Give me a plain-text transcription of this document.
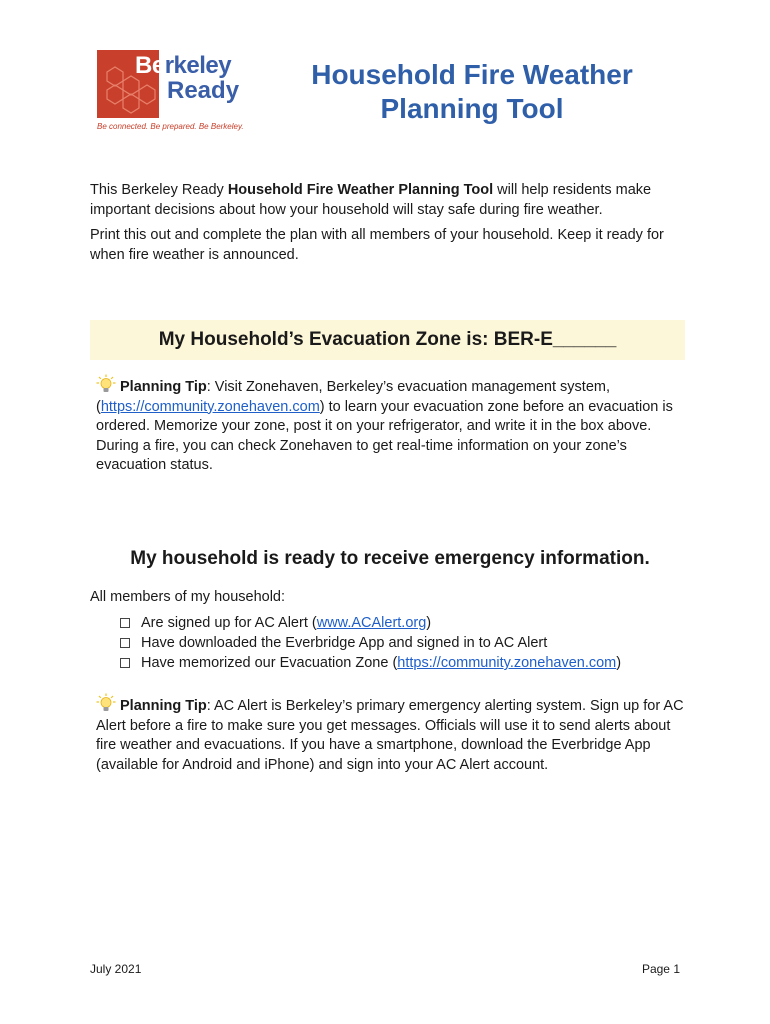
Berkeley
Ready
City of Berkeley
Be connected. Be prepared. Be Berkeley.
Household Fire Weather Planning Tool
This Berkeley Ready Household Fire Weather Planning Tool will help residents make important decisions about how your household will stay safe during fire weather.
Print this out and complete the plan with all members of your household. Keep it ready for when fire weather is announced.
My Household’s Evacuation Zone is: BER-E______
Planning Tip: Visit Zonehaven, Berkeley’s evacuation management system, (https://community.zonehaven.com) to learn your evacuation zone before an evacuation is ordered. Memorize your zone, post it on your refrigerator, and write it in the box above. During a fire, you can check Zonehaven to get real-time information on your zone’s evacuation status.
My household is ready to receive emergency information.
All members of my household:
Are signed up for AC Alert ( www.ACAlert.org )
Have downloaded the Everbridge App and signed in to AC Alert
Have memorized our Evacuation Zone ( https://community.zonehaven.com )
Planning Tip: AC Alert is Berkeley’s primary emergency alerting system. Sign up for AC Alert before a fire to make sure you get messages. Officials will use it to send alerts about fire weather and evacuations. If you have a smartphone, download the Everbridge App (available for Android and iPhone) and sign into your AC Alert account.
July 2021	Page 1
